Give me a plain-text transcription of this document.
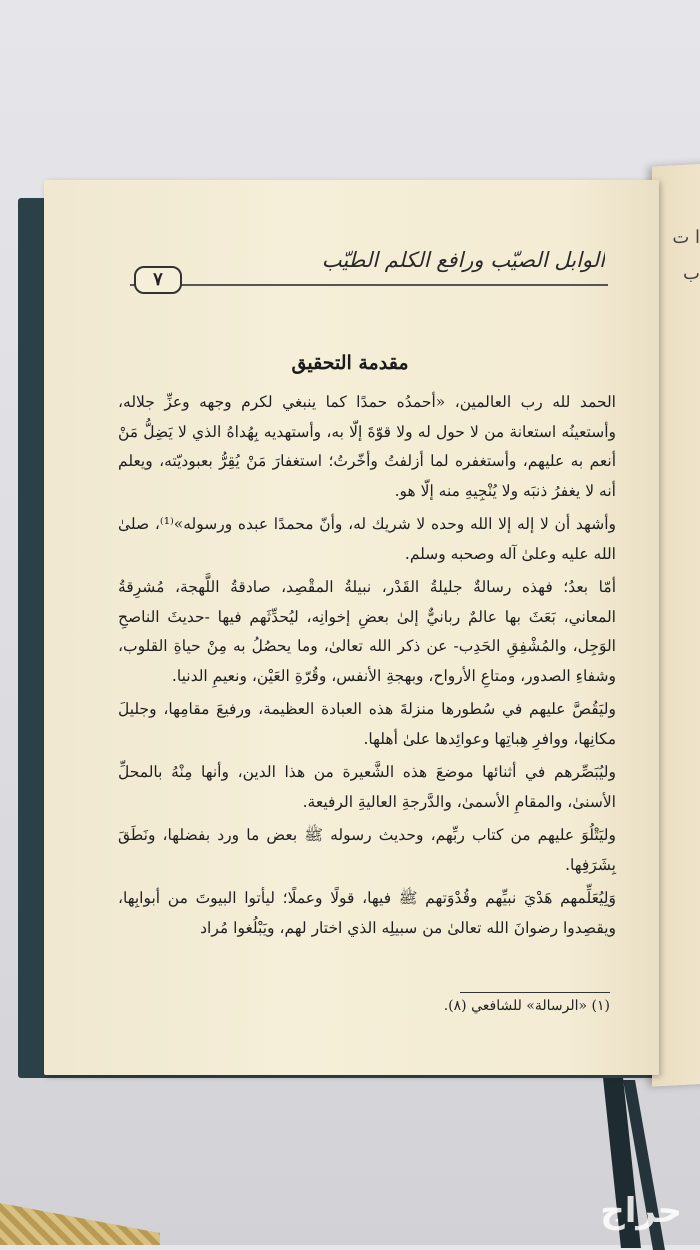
ا ت ب
٧
الوابل الصيّب ورافع الكلم الطيّب
مقدمة التحقيق

الحمد لله رب العالمين، «أحمدُه حمدًا كما ينبغي لكرم وجهه وعزِّ جلاله، وأستعينُه استعانة من لا حول له ولا قوّةَ إلّا به، وأستهديه بِهُداهُ الذي لا يَضِلُّ مَنْ أنعم به عليهم، وأستغفره لما أزلفتُ وأخّرتُ؛ استغفارَ مَنْ يُقِرُّ بعبوديّته، ويعلم أنه لا يغفرُ ذنبَه ولا يُنْجِيهِ منه إلّا هو.

وأشهد أن لا إله إلا الله وحده لا شريك له، وأنّ محمدًا عبده ورسوله»⁽¹⁾، صلىٰ الله عليه وعلىٰ آله وصحبه وسلم.

أمّا بعدُ؛ فهذه رسالةٌ جليلةُ القَدْر، نبيلةُ المقْصِد، صادقةُ اللَّهجة، مُشرِقةُ المعاني، بَعَثَ بها عالمٌ ربانيٌّ إلىٰ بعضِ إخوانِه، ليُحدِّثَهم فيها -حديثَ الناصحِ الوَجِل، والمُشْفِقِ الحَدِب- عن ذكر الله تعالىٰ، وما يحصُلُ به مِنْ حياةِ القلوب، وشفاءِ الصدور، ومتاعِ الأرواح، وبهجةِ الأنفس، وقُرّةِ العَيْن، ونعيمِ الدنيا.

وليَقُصَّ عليهم في سُطورها منزلةَ هذه العبادة العظيمة، ورفيعَ مقامِها، وجليلَ مكانِها، ووافرِ هِباتِها وعوائِدها علىٰ أهلها.

وليُبَصِّرهم في أثنائها موضعَ هذه الشَّعيرة من هذا الدين، وأنها مِنْهُ بالمحلِّ الأسنىٰ، والمقامِ الأسمىٰ، والدَّرجةِ العاليةِ الرفيعة.

وليَتْلُوَ عليهم من كتاب ربِّهم، وحديث رسوله ﷺ بعض ما ورد بفضلها، ونَطَقَ بِشَرَفِها.

وَلِيُعَلِّمهم هَدْيَ نبيِّهم وقُدْوَتهم ﷺ فيها، قولًا وعملًا؛ ليأتوا البيوتَ من أبوابِها، ويقصِدوا رضوانَ الله تعالىٰ من سبيلِه الذي اختار لهم، ويَبْلُغوا مُراد

(١) «الرسالة» للشافعي (٨).
حراج
